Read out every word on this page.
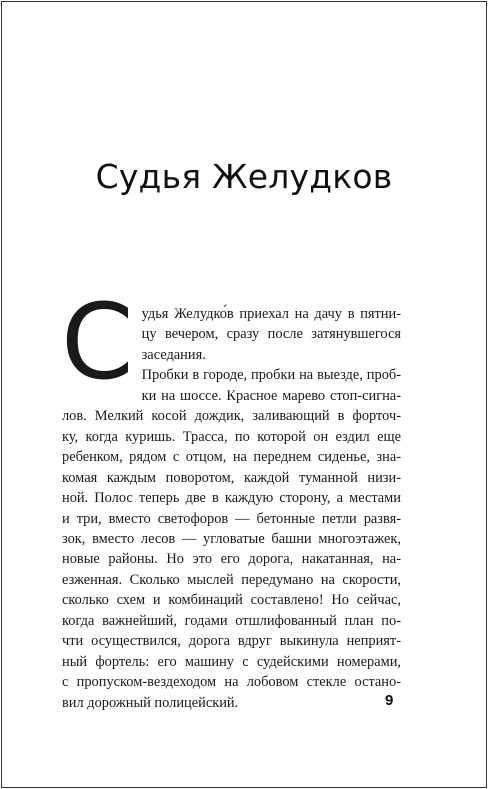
Судья Желудков
С удья Желудко́в приехал на дачу в пятни-
цу вечером, сразу после затянувшегося
заседания.
Пробки в городе, пробки на выезде, проб-
ки на шоссе. Красное марево стоп-сигна-
лов. Мелкий косой дождик, заливающий в форточ-
ку, когда куришь. Трасса, по которой он ездил еще
ребенком, рядом с отцом, на переднем сиденье, зна-
комая каждым поворотом, каждой туманной низи-
ной. Полос теперь две в каждую сторону, а местами
и три, вместо светофоров — бетонные петли развя-
зок, вместо лесов — угловатые башни многоэтажек,
новые районы. Но это его дорога, накатанная, на-
езженная. Сколько мыслей передумано на скорости,
сколько схем и комбинаций составлено! Но сейчас,
когда важнейший, годами отшлифованный план по-
чти осуществился, дорога вдруг выкинула неприят-
ный фортель: его машину с судейскими номерами,
с пропуском-вездеходом на лобовом стекле остано-
вил дорожный полицейский.	9
